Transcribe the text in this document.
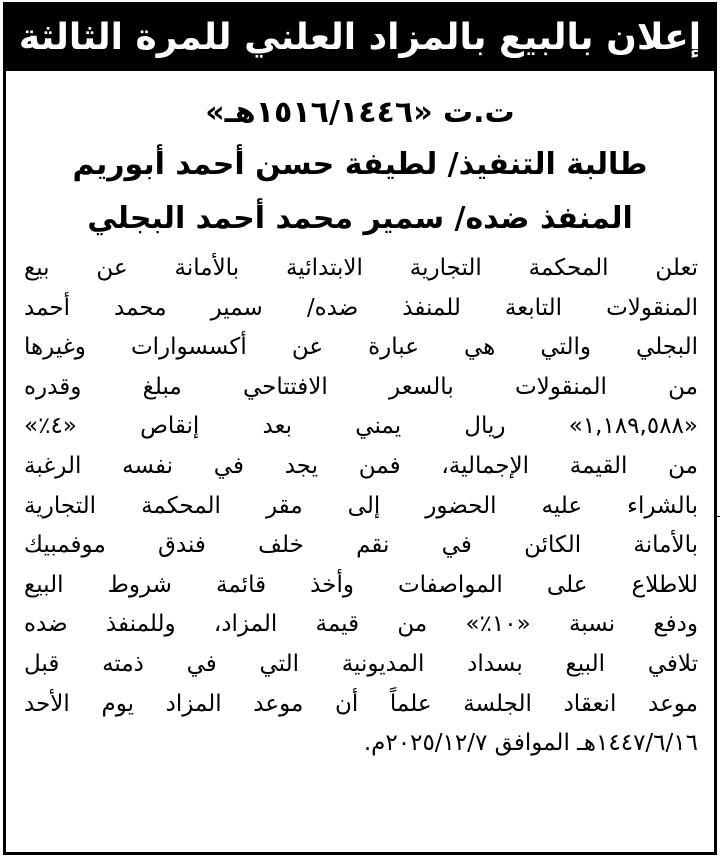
إعلان بالبيع بالمزاد العلني للمرة الثالثة
ت.ت «١٥١٦/١٤٤٦هـ»
طالبة التنفيذ/ لطيفة حسن أحمد أبوريم
المنفذ ضده/ سمير محمد أحمد البجلي
تعلن المحكمة التجارية الابتدائية بالأمانة عن بيع
المنقولات التابعة للمنفذ ضده/ سمير محمد أحمد
البجلي والتي هي عبارة عن أكسسوارات وغيرها
من المنقولات بالسعر الافتتاحي مبلغ وقدره
«١,١٨٩,٥٨٨» ريال يمني بعد إنقاص «٤٪»
من القيمة الإجمالية، فمن يجد في نفسه الرغبة
بالشراء عليه الحضور إلى مقر المحكمة التجارية
بالأمانة الكائن في نقم خلف فندق موفمبيك
للاطلاع على المواصفات وأخذ قائمة شروط البيع
ودفع نسبة «١٠٪» من قيمة المزاد، وللمنفذ ضده
تلافي البيع بسداد المديونية التي في ذمته قبل
موعد انعقاد الجلسة علماً أن موعد المزاد يوم الأحد
١٤٤٧/٦/١٦هـ الموافق ٢٠٢٥/١٢/٧م.
